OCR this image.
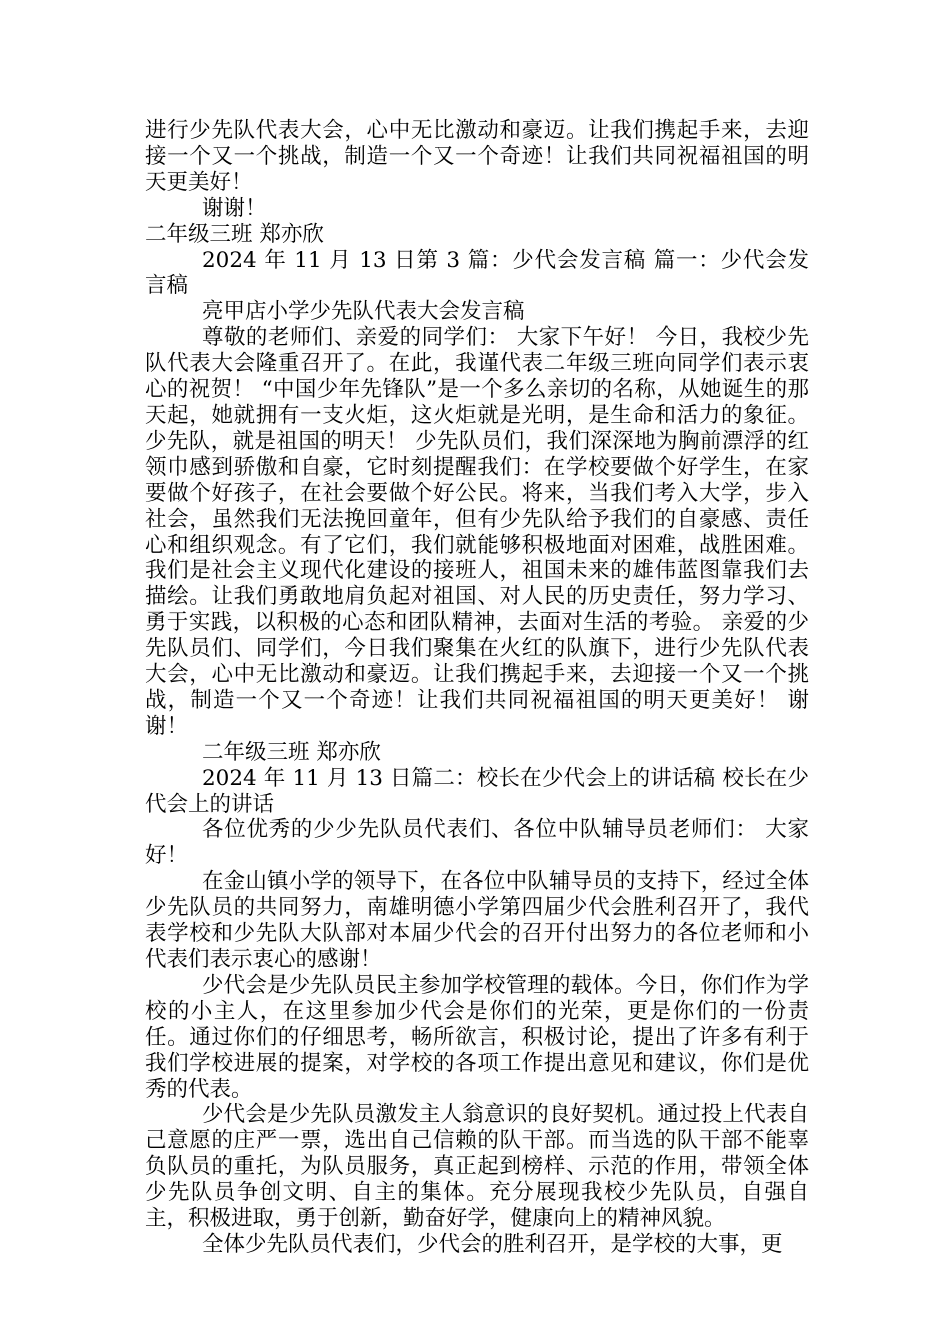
进行少先队代表大会，心中无比激动和豪迈。让我们携起手来，去迎接一个又一个挑战，制造一个又一个奇迹！让我们共同祝福祖国的明天更美好！

谢谢！

二年级三班 郑亦欣

2024 年 11 月 13 日第 3 篇：少代会发言稿 篇一：少代会发言稿

亮甲店小学少先队代表大会发言稿

尊敬的老师们、亲爱的同学们： 大家下午好！ 今日，我校少先队代表大会隆重召开了。在此，我谨代表二年级三班向同学们表示衷心的祝贺！ “中国少年先锋队”是一个多么亲切的名称，从她诞生的那天起，她就拥有一支火炬，这火炬就是光明，是生命和活力的象征。少先队，就是祖国的明天！ 少先队员们，我们深深地为胸前漂浮的红领巾感到骄傲和自豪，它时刻提醒我们：在学校要做个好学生，在家要做个好孩子，在社会要做个好公民。将来，当我们考入大学，步入社会，虽然我们无法挽回童年，但有少先队给予我们的自豪感、责任心和组织观念。有了它们，我们就能够积极地面对困难，战胜困难。 我们是社会主义现代化建设的接班人，祖国未来的雄伟蓝图靠我们去描绘。让我们勇敢地肩负起对祖国、对人民的历史责任，努力学习、勇于实践，以积极的心态和团队精神，去面对生活的考验。 亲爱的少先队员们、同学们，今日我们聚集在火红的队旗下，进行少先队代表大会，心中无比激动和豪迈。让我们携起手来，去迎接一个又一个挑战，制造一个又一个奇迹！让我们共同祝福祖国的明天更美好！ 谢谢！

二年级三班 郑亦欣

2024 年 11 月 13 日篇二：校长在少代会上的讲话稿 校长在少代会上的讲话

各位优秀的少少先队员代表们、各位中队辅导员老师们： 大家好！

在金山镇小学的领导下，在各位中队辅导员的支持下，经过全体少先队员的共同努力，南雄明德小学第四届少代会胜利召开了，我代表学校和少先队大队部对本届少代会的召开付出努力的各位老师和小代表们表示衷心的感谢！

少代会是少先队员民主参加学校管理的载体。今日，你们作为学校的小主人，在这里参加少代会是你们的光荣，更是你们的一份责任。通过你们的仔细思考，畅所欲言，积极讨论，提出了许多有利于我们学校进展的提案，对学校的各项工作提出意见和建议，你们是优秀的代表。

少代会是少先队员激发主人翁意识的良好契机。通过投上代表自己意愿的庄严一票，选出自己信赖的队干部。而当选的队干部不能辜负队员的重托，为队员服务，真正起到榜样、示范的作用，带领全体少先队员争创文明、自主的集体。充分展现我校少先队员，自强自主，积极进取，勇于创新，勤奋好学，健康向上的精神风貌。

全体少先队员代表们，少代会的胜利召开，是学校的大事，更
